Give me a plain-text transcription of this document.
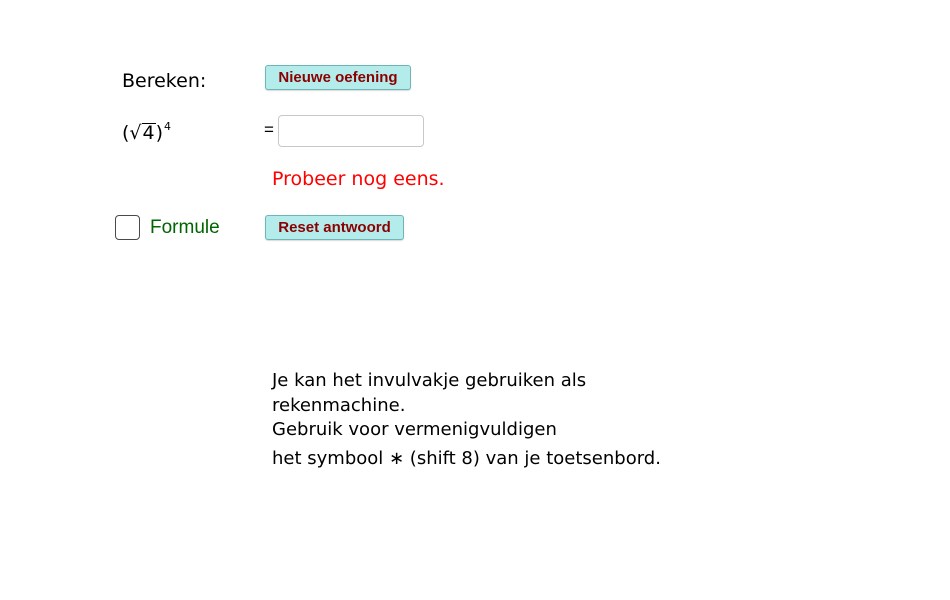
Bereken:	Nieuwe oefening
$(√4)^4$	=
Probeer nog eens.
Formule	Reset antwoord
Je kan het invulvakje gebruiken als
rekenmachine.
Gebruik voor vermenigvuldigen
het symbool ∗ (shift 8) van je toetsenbord.
